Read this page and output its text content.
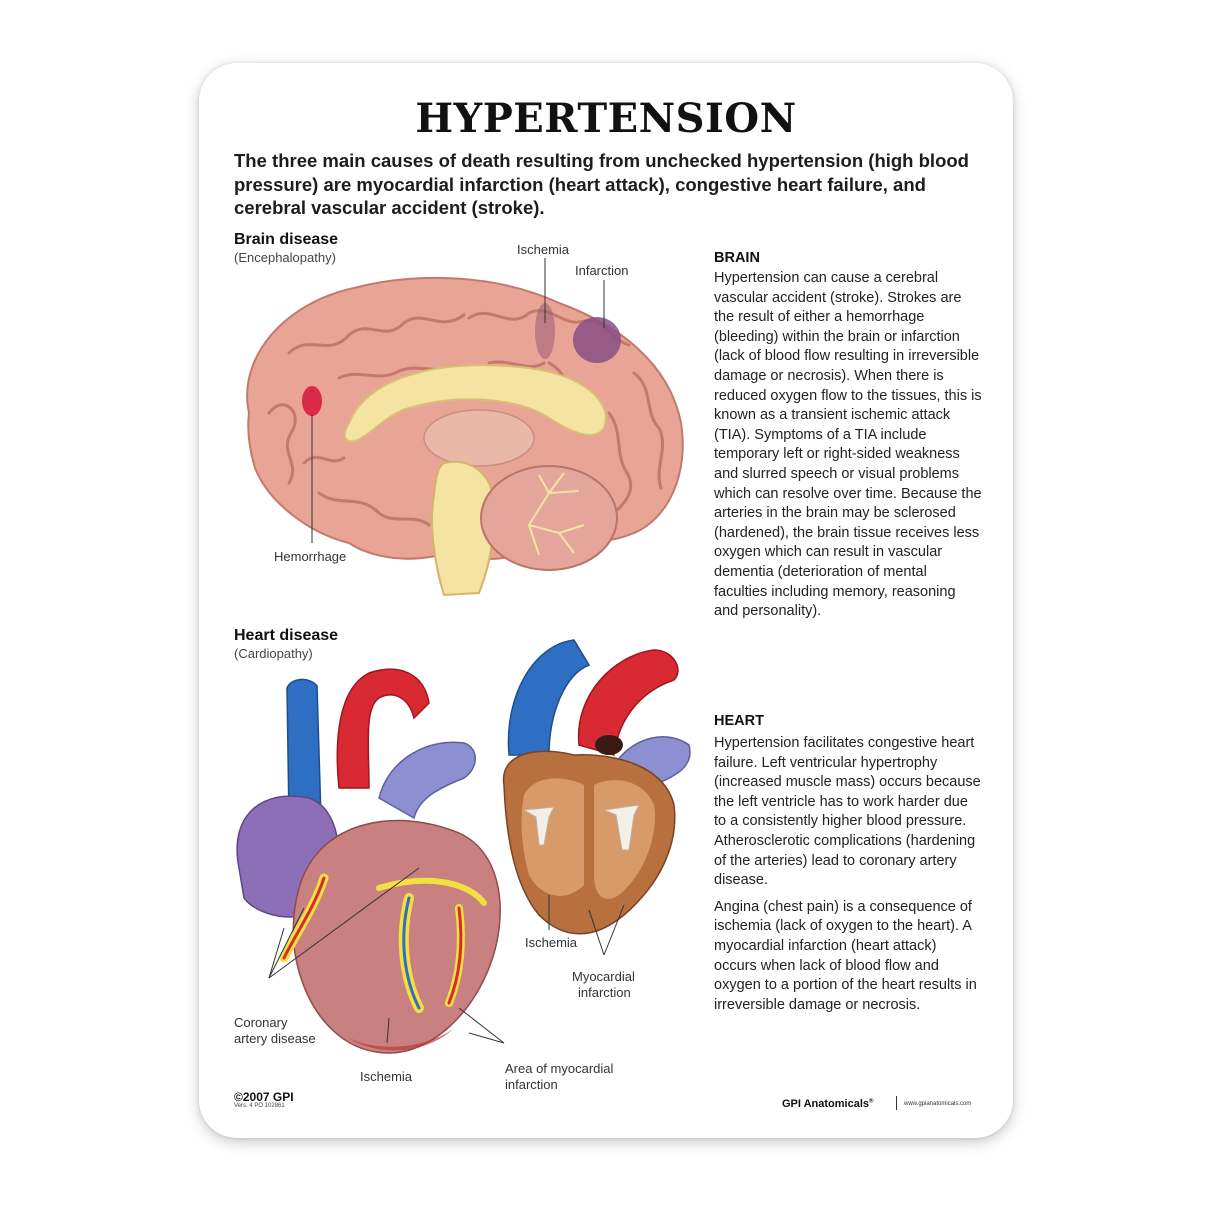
HYPERTENSION
The three main causes of death resulting from unchecked hypertension (high blood pressure) are myocardial infarction (heart attack), congestive heart failure, and cerebral vascular accident (stroke).
Brain disease
(Encephalopathy)
Ischemia
Infarction
Hemorrhage
Heart disease
(Cardiopathy)
Coronary
artery disease
Ischemia
Area of myocardial
infarction
Ischemia
Myocardial
infarction
BRAIN
Hypertension can cause a cerebral vascular accident (stroke). Strokes are the result of either a hemorrhage (bleeding) within the brain or infarction (lack of blood flow resulting in irreversible damage or necrosis). When there is reduced oxygen flow to the tissues, this is known as a transient ischemic attack (TIA). Symptoms of a TIA include temporary left or right-sided weakness and slurred speech or visual problems which can resolve over time. Because the arteries in the brain may be sclerosed (hardened), the brain tissue receives less oxygen which can result in vascular dementia (deterioration of mental faculties including memory, reasoning and personality).
HEART

Hypertension facilitates congestive heart failure. Left ventricular hypertrophy (increased muscle mass) occurs because the left ventricle has to work harder due to a consistently higher blood pressure. Atherosclerotic complications (hardening of the arteries) lead to coronary artery disease.

Angina (chest pain) is a consequence of ischemia (lack of oxygen to the heart). A myocardial infarction (heart attack) occurs when lack of blood flow and oxygen to a portion of the heart results in irreversible damage or necrosis.

©2007 GPI
Vers. 4 PO 102861	GPI Anatomicals®	www.gpianatomicals.com
